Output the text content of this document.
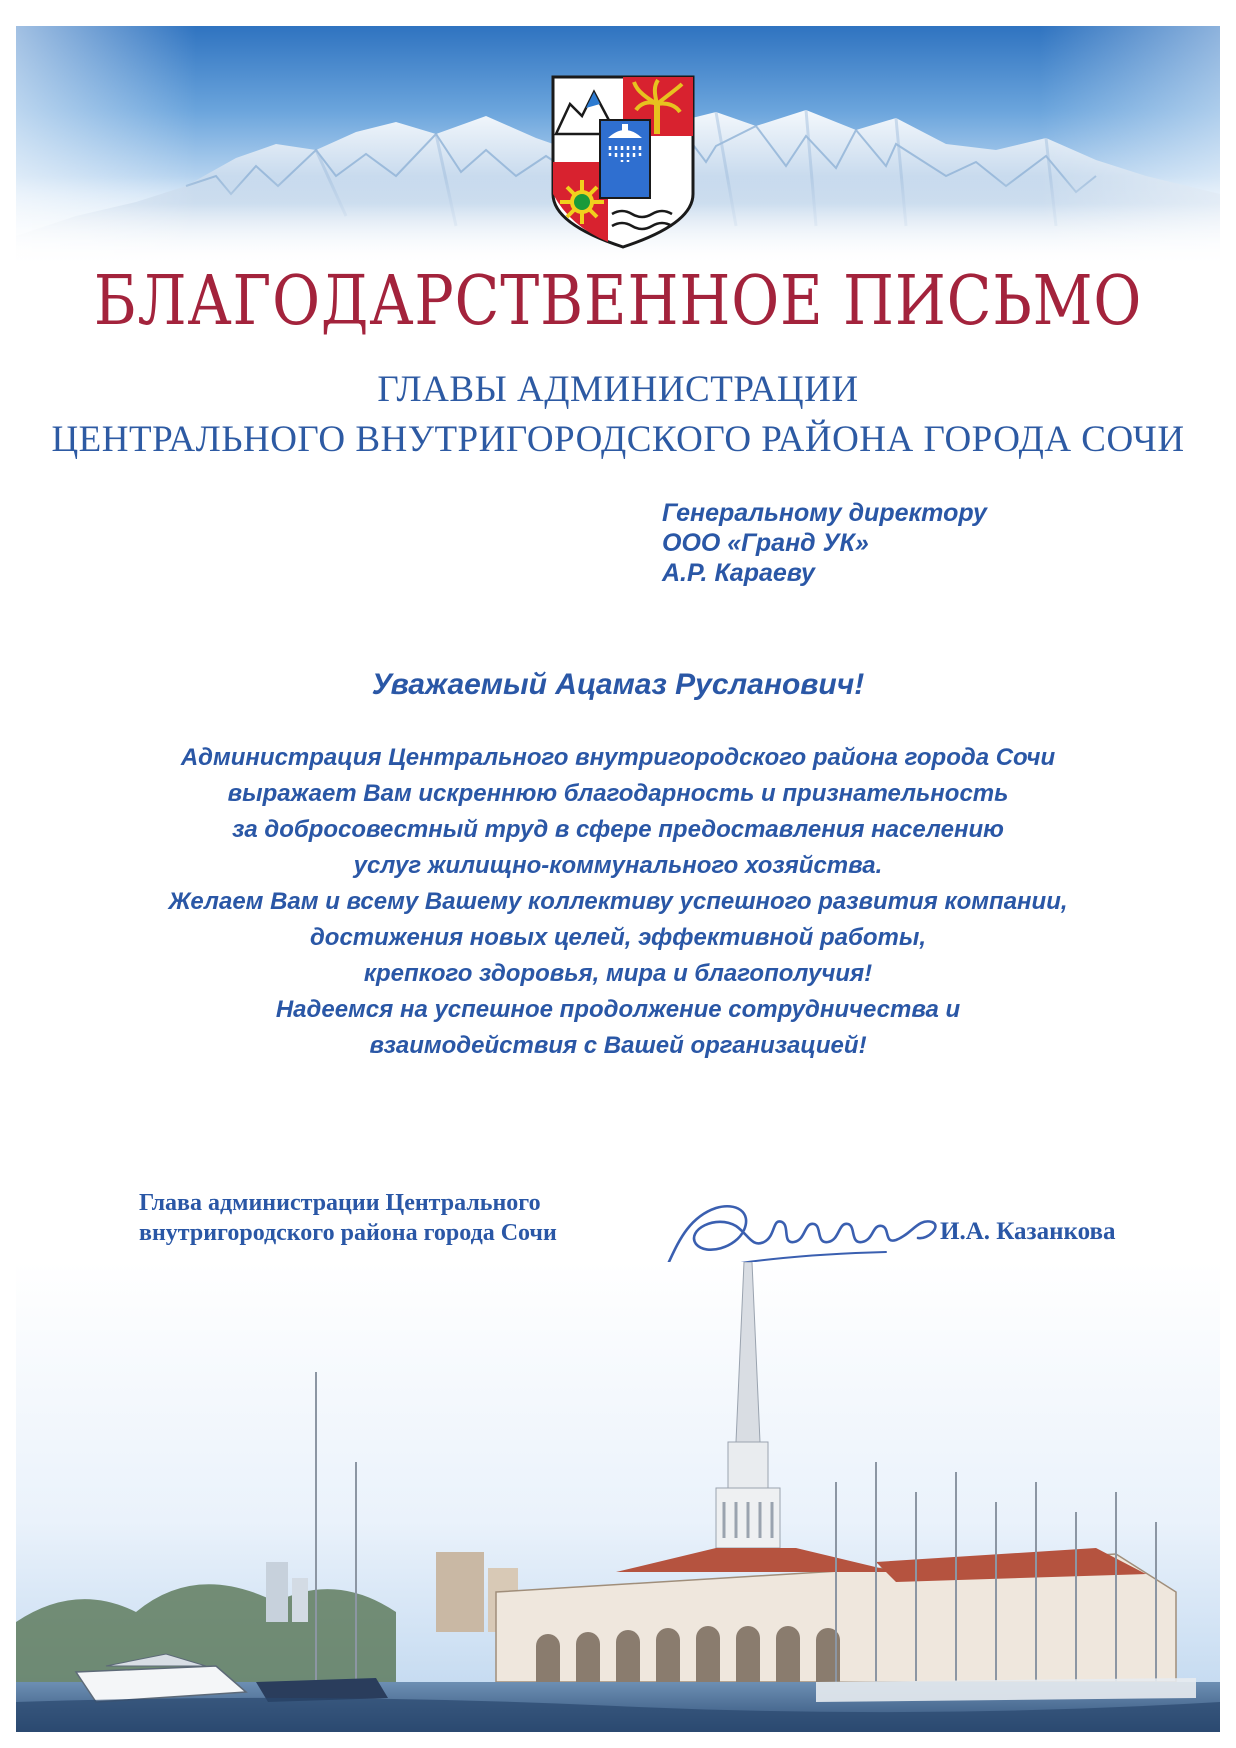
БЛАГОДАРСТВЕННОЕ ПИСЬМО
ГЛАВЫ АДМИНИСТРАЦИИ
ЦЕНТРАЛЬНОГО ВНУТРИГОРОДСКОГО РАЙОНА ГОРОДА СОЧИ
Генеральному директору
ООО «Гранд УК»
А.Р. Караеву
Уважаемый Ацамаз Русланович!
Администрация Центрального внутригородского района города Сочи
выражает Вам искреннюю благодарность и признательность
за добросовестный труд в сфере предоставления населению
услуг жилищно-коммунального хозяйства.
Желаем Вам и всему Вашему коллективу успешного развития компании,
достижения новых целей, эффективной работы,
крепкого здоровья, мира и благополучия!
Надеемся на успешное продолжение сотрудничества и
взаимодействия с Вашей организацией!
Глава администрации Центрального
внутригородского района города Сочи	И.А. Казанкова
